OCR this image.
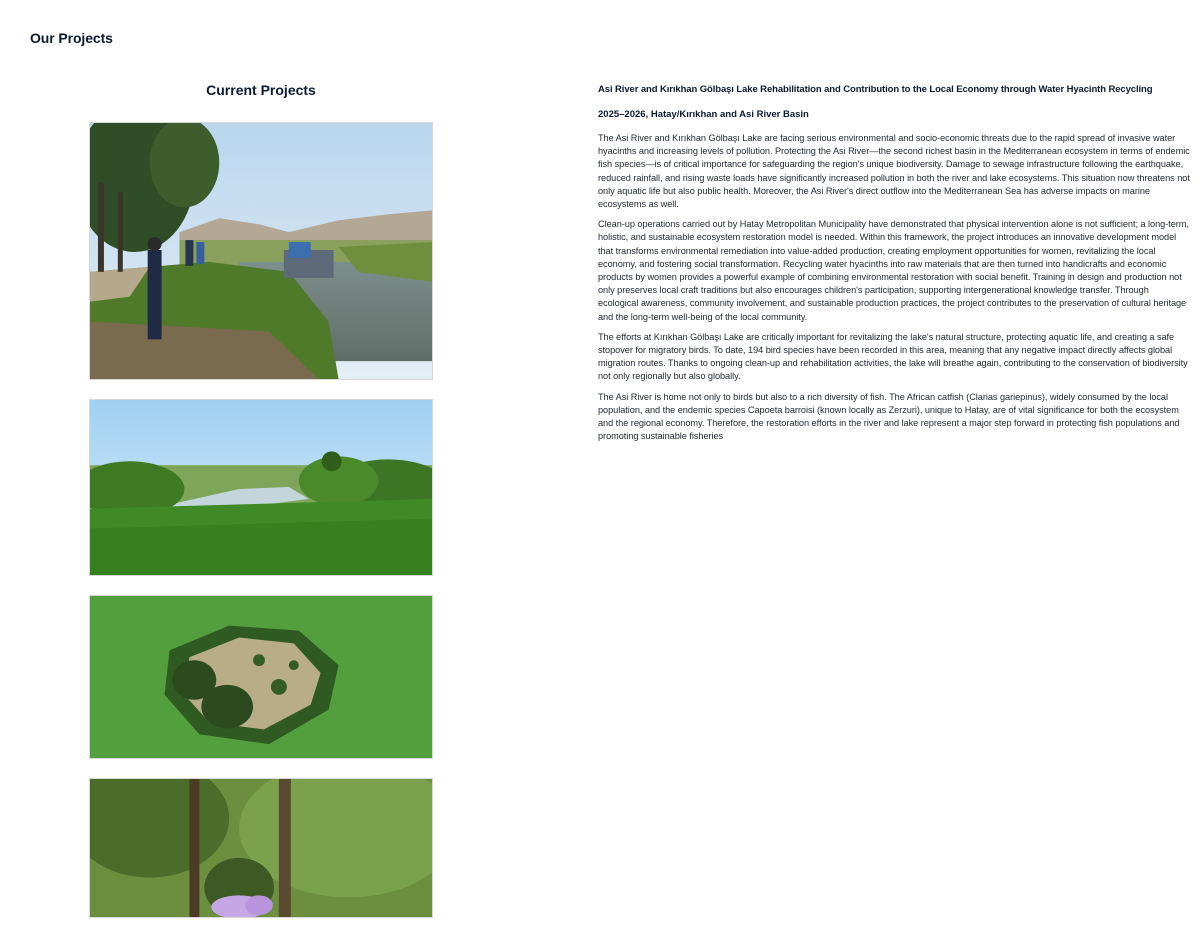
Our Projects
Current Projects	Asi River and Kırıkhan Gölbaşı Lake Rehabilitation and Contribution to the Local Economy through Water Hyacinth Recycling

2025–2026, Hatay/Kırıkhan and Asi River Basin

The Asi River and Kırıkhan Gölbaşı Lake are facing serious environmental and socio-economic threats due to the rapid spread of invasive water hyacinths and increasing levels of pollution. Protecting the Asi River—the second richest basin in the Mediterranean ecosystem in terms of endemic fish species—is of critical importance for safeguarding the region's unique biodiversity. Damage to sewage infrastructure following the earthquake, reduced rainfall, and rising waste loads have significantly increased pollution in both the river and lake ecosystems. This situation now threatens not only aquatic life but also public health. Moreover, the Asi River's direct outflow into the Mediterranean Sea has adverse impacts on marine ecosystems as well.

Clean-up operations carried out by Hatay Metropolitan Municipality have demonstrated that physical intervention alone is not sufficient; a long-term, holistic, and sustainable ecosystem restoration model is needed. Within this framework, the project introduces an innovative development model that transforms environmental remediation into value-added production, creating employment opportunities for women, revitalizing the local economy, and fostering social transformation. Recycling water hyacinths into raw materials that are then turned into handicrafts and economic products by women provides a powerful example of combining environmental restoration with social benefit. Training in design and production not only preserves local craft traditions but also encourages children's participation, supporting intergenerational knowledge transfer. Through ecological awareness, community involvement, and sustainable production practices, the project contributes to the preservation of cultural heritage and the long-term well-being of the local community.

The efforts at Kırıkhan Gölbaşı Lake are critically important for revitalizing the lake's natural structure, protecting aquatic life, and creating a safe stopover for migratory birds. To date, 194 bird species have been recorded in this area, meaning that any negative impact directly affects global migration routes. Thanks to ongoing clean-up and rehabilitation activities, the lake will breathe again, contributing to the conservation of biodiversity not only regionally but also globally.

The Asi River is home not only to birds but also to a rich diversity of fish. The African catfish (Clarias gariepinus), widely consumed by the local population, and the endemic species Capoeta barroisi (known locally as Zerzuri), unique to Hatay, are of vital significance for both the ecosystem and the regional economy. Therefore, the restoration efforts in the river and lake represent a major step forward in protecting fish populations and promoting sustainable fisheries
